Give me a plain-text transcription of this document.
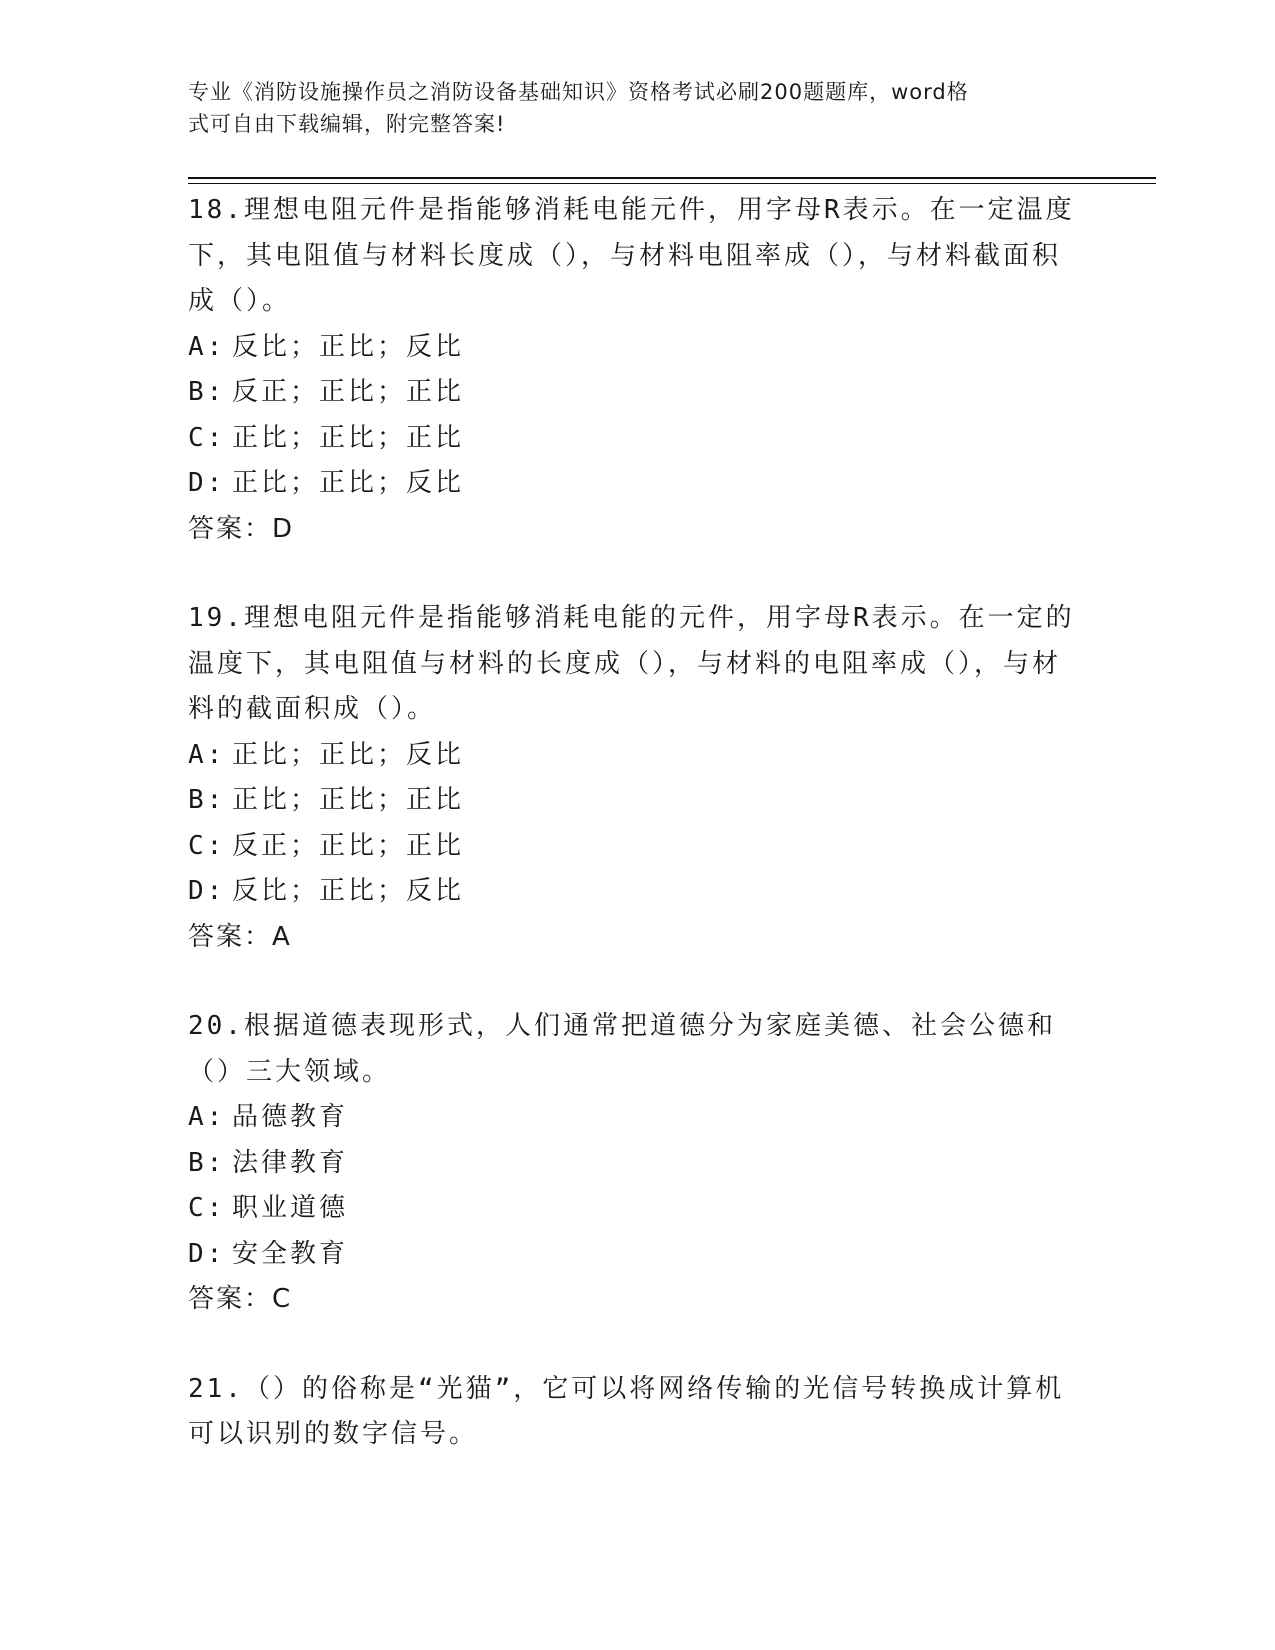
专业《消防设施操作员之消防设备基础知识》资格考试必刷200题题库，word格
式可自由下载编辑，附完整答案!
18.理想电阻元件是指能够消耗电能元件，用字母R表示。在一定温度下，其电阻值与材料长度成（），与材料电阻率成（），与材料截面积成（）。
A: 反比；正比；反比
B: 反正；正比；正比
C: 正比；正比；正比
D: 正比；正比；反比
答案：D
19.理想电阻元件是指能够消耗电能的元件，用字母R表示。在一定的温度下，其电阻值与材料的长度成（），与材料的电阻率成（），与材料的截面积成（）。
A: 正比；正比；反比
B: 正比；正比；正比
C: 反正；正比；正比
D: 反比；正比；反比
答案：A
20.根据道德表现形式，人们通常把道德分为家庭美德、社会公德和（）三大领域。
A: 品德教育
B: 法律教育
C: 职业道德
D: 安全教育
答案：C
21.（）的俗称是“光猫”，它可以将网络传输的光信号转换成计算机可以识别的数字信号。
